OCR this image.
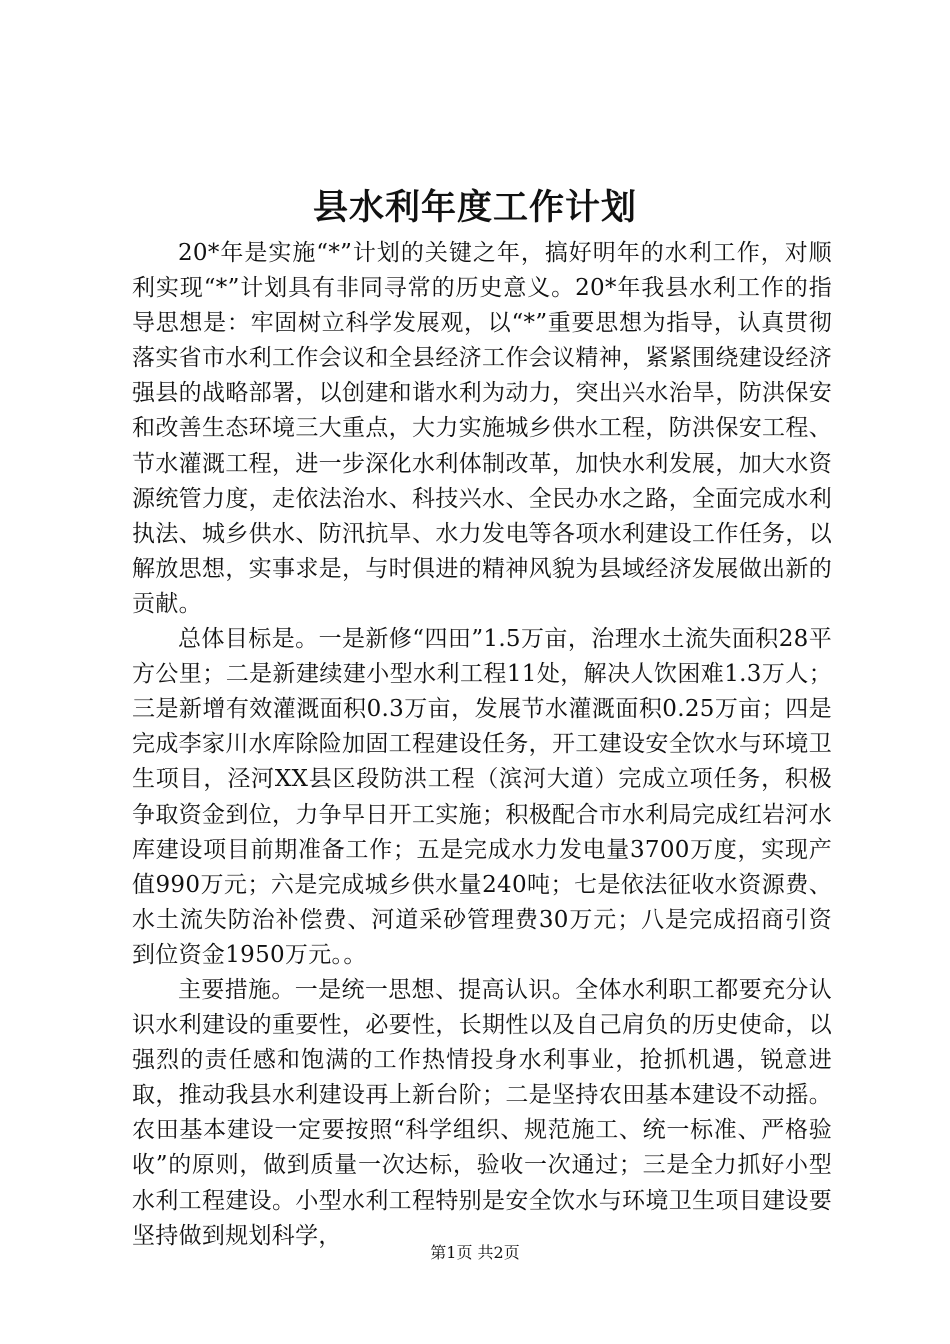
县水利年度工作计划

20*年是实施“*”计划的关键之年，搞好明年的水利工作，对顺利实现“*”计划具有非同寻常的历史意义。20*年我县水利工作的指导思想是：牢固树立科学发展观，以“*”重要思想为指导，认真贯彻落实省市水利工作会议和全县经济工作会议精神，紧紧围绕建设经济强县的战略部署，以创建和谐水利为动力，突出兴水治旱，防洪保安和改善生态环境三大重点，大力实施城乡供水工程，防洪保安工程、节水灌溉工程，进一步深化水利体制改革，加快水利发展，加大水资源统管力度，走依法治水、科技兴水、全民办水之路，全面完成水利执法、城乡供水、防汛抗旱、水力发电等各项水利建设工作任务，以解放思想，实事求是，与时俱进的精神风貌为县域经济发展做出新的贡献。

总体目标是。一是新修“四田”1.5万亩，治理水土流失面积28平方公里；二是新建续建小型水利工程11处，解决人饮困难1.3万人；三是新增有效灌溉面积0.3万亩，发展节水灌溉面积0.25万亩；四是完成李家川水库除险加固工程建设任务，开工建设安全饮水与环境卫生项目，泾河XX县区段防洪工程（滨河大道）完成立项任务，积极争取资金到位，力争早日开工实施；积极配合市水利局完成红岩河水库建设项目前期准备工作；五是完成水力发电量3700万度，实现产值990万元；六是完成城乡供水量240吨；七是依法征收水资源费、水土流失防治补偿费、河道采砂管理费30万元；八是完成招商引资到位资金1950万元。。

主要措施。一是统一思想、提高认识。全体水利职工都要充分认识水利建设的重要性，必要性，长期性以及自己肩负的历史使命，以强烈的责任感和饱满的工作热情投身水利事业，抢抓机遇，锐意进取，推动我县水利建设再上新台阶；二是坚持农田基本建设不动摇。农田基本建设一定要按照“科学组织、规范施工、统一标准、严格验收”的原则，做到质量一次达标，验收一次通过；三是全力抓好小型水利工程建设。小型水利工程特别是安全饮水与环境卫生项目建设要坚持做到规划科学，

第1页 共2页
